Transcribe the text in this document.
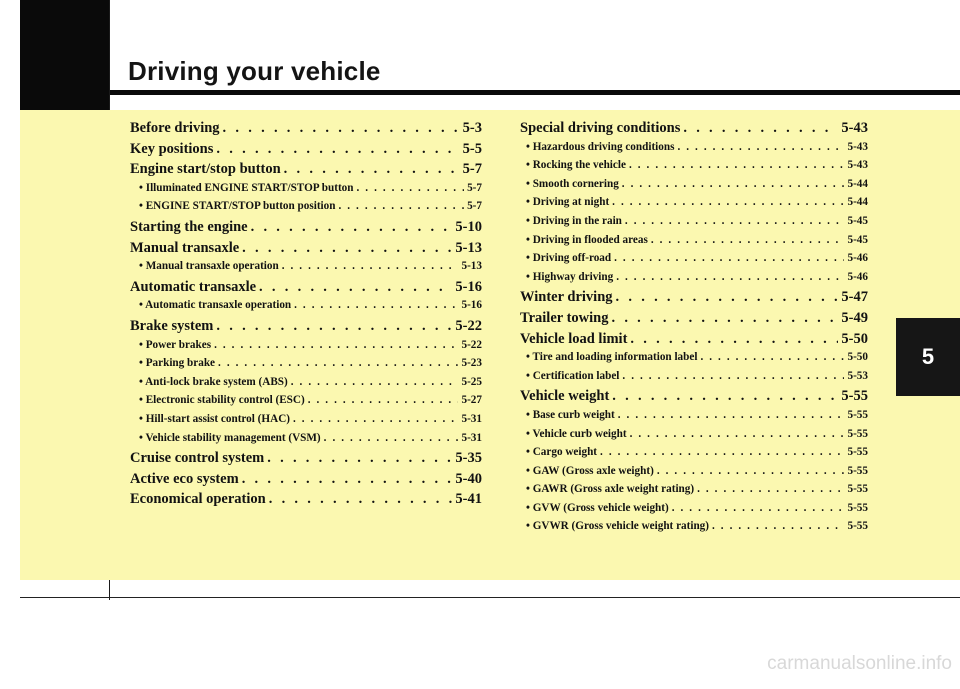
Driving your vehicle
Before driving . . .	5-3
Key positions . . .	5-5
Engine start/stop button . . .	5-7
• Illuminated ENGINE START/STOP button . . .	5-7
• ENGINE START/STOP button position . . .	5-7
Starting the engine . . .	5-10
Manual transaxle . . .	5-13
• Manual transaxle operation . . .	5-13
Automatic transaxle . . .	5-16
• Automatic transaxle operation . . .	5-16
Brake system . . .	5-22
• Power brakes . . .	5-22
• Parking brake . . .	5-23
• Anti-lock brake system (ABS) . . .	5-25
• Electronic stability control (ESC) . . .	5-27
• Hill-start assist control (HAC) . . .	5-31
• Vehicle stability management (VSM) . . .	5-31
Cruise control system . . .	5-35
Active eco system . . .	5-40
Economical operation . . .	5-41
Special driving conditions . . .	5-43
• Hazardous driving conditions . . .	5-43
• Rocking the vehicle . . .	5-43
• Smooth cornering . . .	5-44
• Driving at night . . .	5-44
• Driving in the rain . . .	5-45
• Driving in flooded areas . . .	5-45
• Driving off-road . . .	5-46
• Highway driving . . .	5-46
Winter driving . . .	5-47
Trailer towing . . .	5-49
Vehicle load limit . . .	5-50
• Tire and loading information label . . .	5-50
• Certification label . . .	5-53
Vehicle weight . . .	5-55
• Base curb weight . . .	5-55
• Vehicle curb weight . . .	5-55
• Cargo weight . . .	5-55
• GAW (Gross axle weight) . . .	5-55
• GAWR (Gross axle weight rating) . . .	5-55
• GVW (Gross vehicle weight) . . .	5-55
• GVWR (Gross vehicle weight rating) . . .	5-55
5
carmanualsonline.info
